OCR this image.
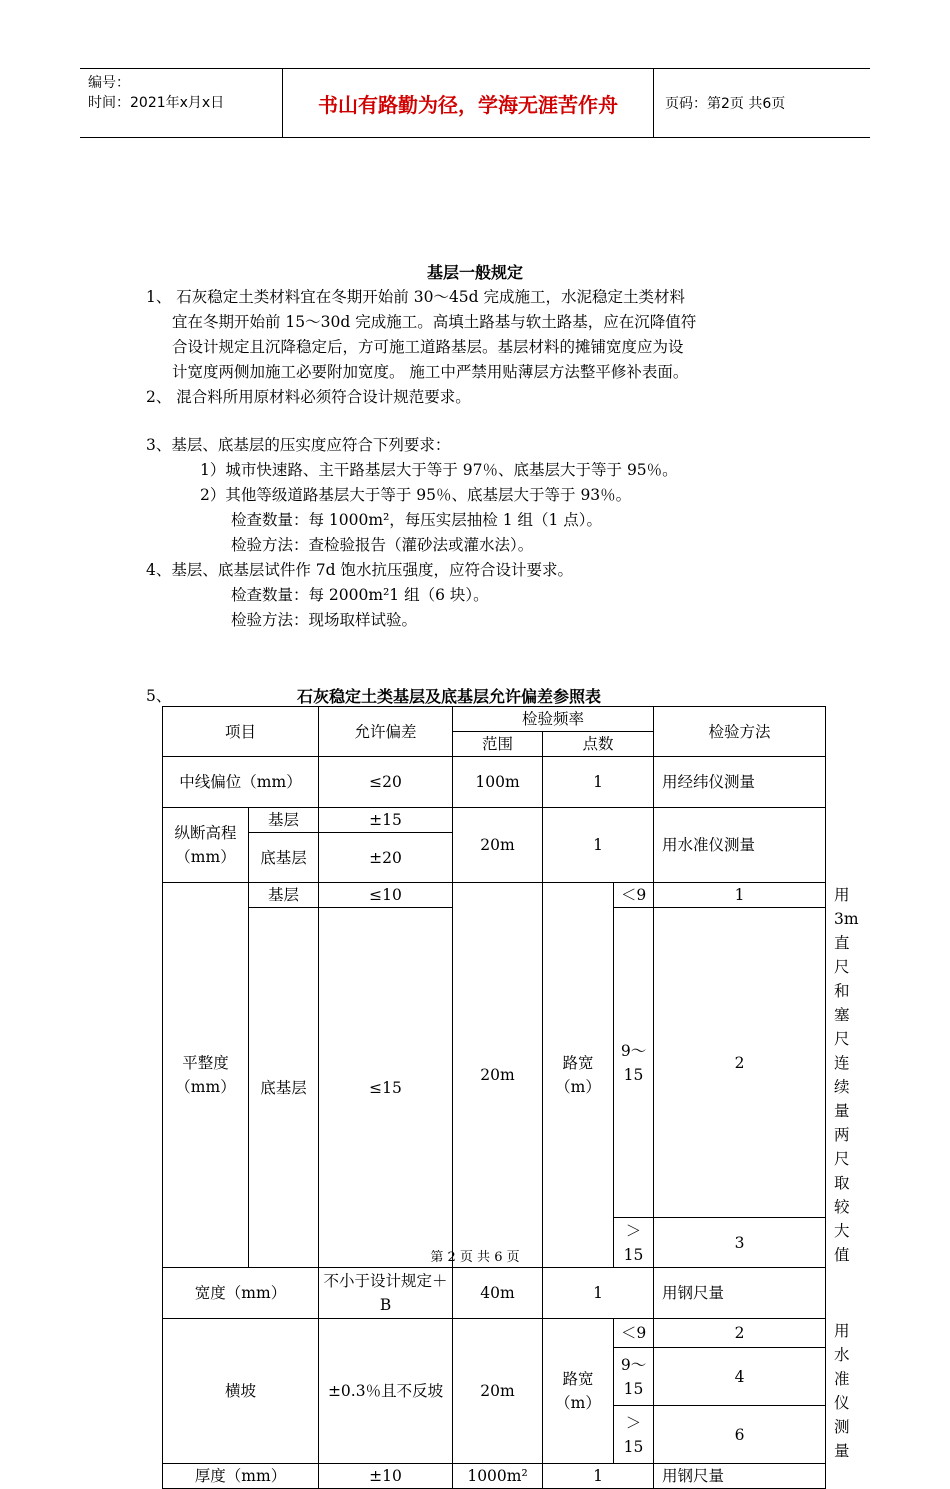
编号：
时间：2021年x月x日	书山有路勤为径，学海无涯苦作舟	页码：第2页 共6页
基层一般规定
1、 石灰稳定土类材料宜在冬期开始前 30～45d 完成施工，水泥稳定土类材料
宜在冬期开始前 15～30d 完成施工。高填土路基与软土路基，应在沉降值符
合设计规定且沉降稳定后，方可施工道路基层。基层材料的摊铺宽度应为设
计宽度两侧加施工必要附加宽度。 施工中严禁用贴薄层方法整平修补表面。
2、 混合料所用原材料必须符合设计规范要求。
3、基层、底基层的压实度应符合下列要求：
1）城市快速路、主干路基层大于等于 97％、底基层大于等于 95％。
2）其他等级道路基层大于等于 95％、底基层大于等于 93％。
检查数量：每 1000m²，每压实层抽检 1 组（1 点）。
检验方法：查检验报告（灌砂法或灌水法）。
4、基层、底基层试件作 7d 饱水抗压强度，应符合设计要求。
检查数量：每 2000m²1 组（6 块）。
检验方法：现场取样试验。
5、	石灰稳定土类基层及底基层允许偏差参照表
项目		允许偏差	检验频率			检验方法	
			范围	点数			
中线偏位（mm）		≤20	100m	1		用经纬仪测量	
纵断高程（mm）	基层	±15	20m	1		用水准仪测量	
	底基层	±20					
平整度（mm）	基层	≤10	20m	路宽（m）	＜9	1	用 3m 直尺和塞尺连续量两尺取较大值
	底基层	≤15			9～15	2	
					＞15	3	
宽度（mm）		不小于设计规定＋B	40m	1		用钢尺量	
横坡		±0.3％且不反坡	20m	路宽（m）	＜9	2	用水准仪测量
					9～15	4	
					＞15	6	
厚度（mm）		±10	1000m²	1		用钢尺量	
第 2 页 共 6 页
